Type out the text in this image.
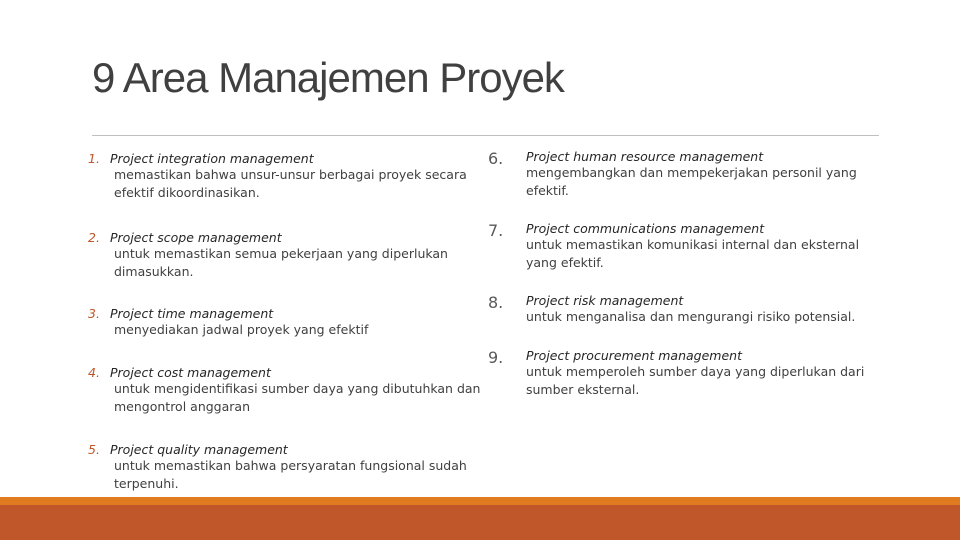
9 Area Manajemen Proyek
1. Project integration management
memastikan bahwa unsur-unsur berbagai proyek secara efektif dikoordinasikan.
2. Project scope management
untuk memastikan semua pekerjaan yang diperlukan dimasukkan.
3. Project time management
menyediakan jadwal proyek yang efektif
4. Project cost management
untuk mengidentifikasi sumber daya yang dibutuhkan dan mengontrol anggaran
5. Project quality management
untuk memastikan bahwa persyaratan fungsional sudah terpenuhi.
6. Project human resource management
mengembangkan dan mempekerjakan personil yang efektif.
7. Project communications management
untuk memastikan komunikasi internal dan eksternal yang efektif.
8. Project risk management
untuk menganalisa dan mengurangi risiko potensial.
9. Project procurement management
untuk memperoleh sumber daya yang diperlukan dari sumber eksternal.
